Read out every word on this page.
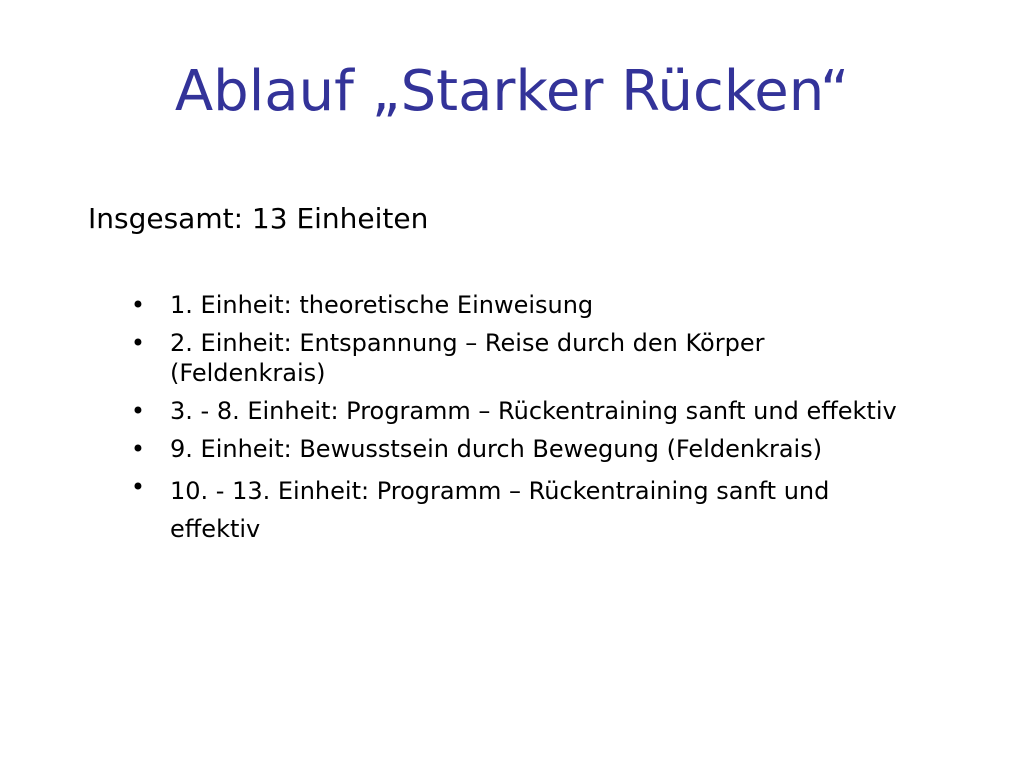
Ablauf „Starker Rücken“
Insgesamt: 13 Einheiten
• 1. Einheit: theoretische Einweisung
• 2. Einheit: Entspannung – Reise durch den Körper (Feldenkrais)
• 3. - 8. Einheit: Programm – Rückentraining sanft und effektiv
• 9. Einheit: Bewusstsein durch Bewegung (Feldenkrais)
• 10. - 13. Einheit: Programm – Rückentraining sanft und effektiv
